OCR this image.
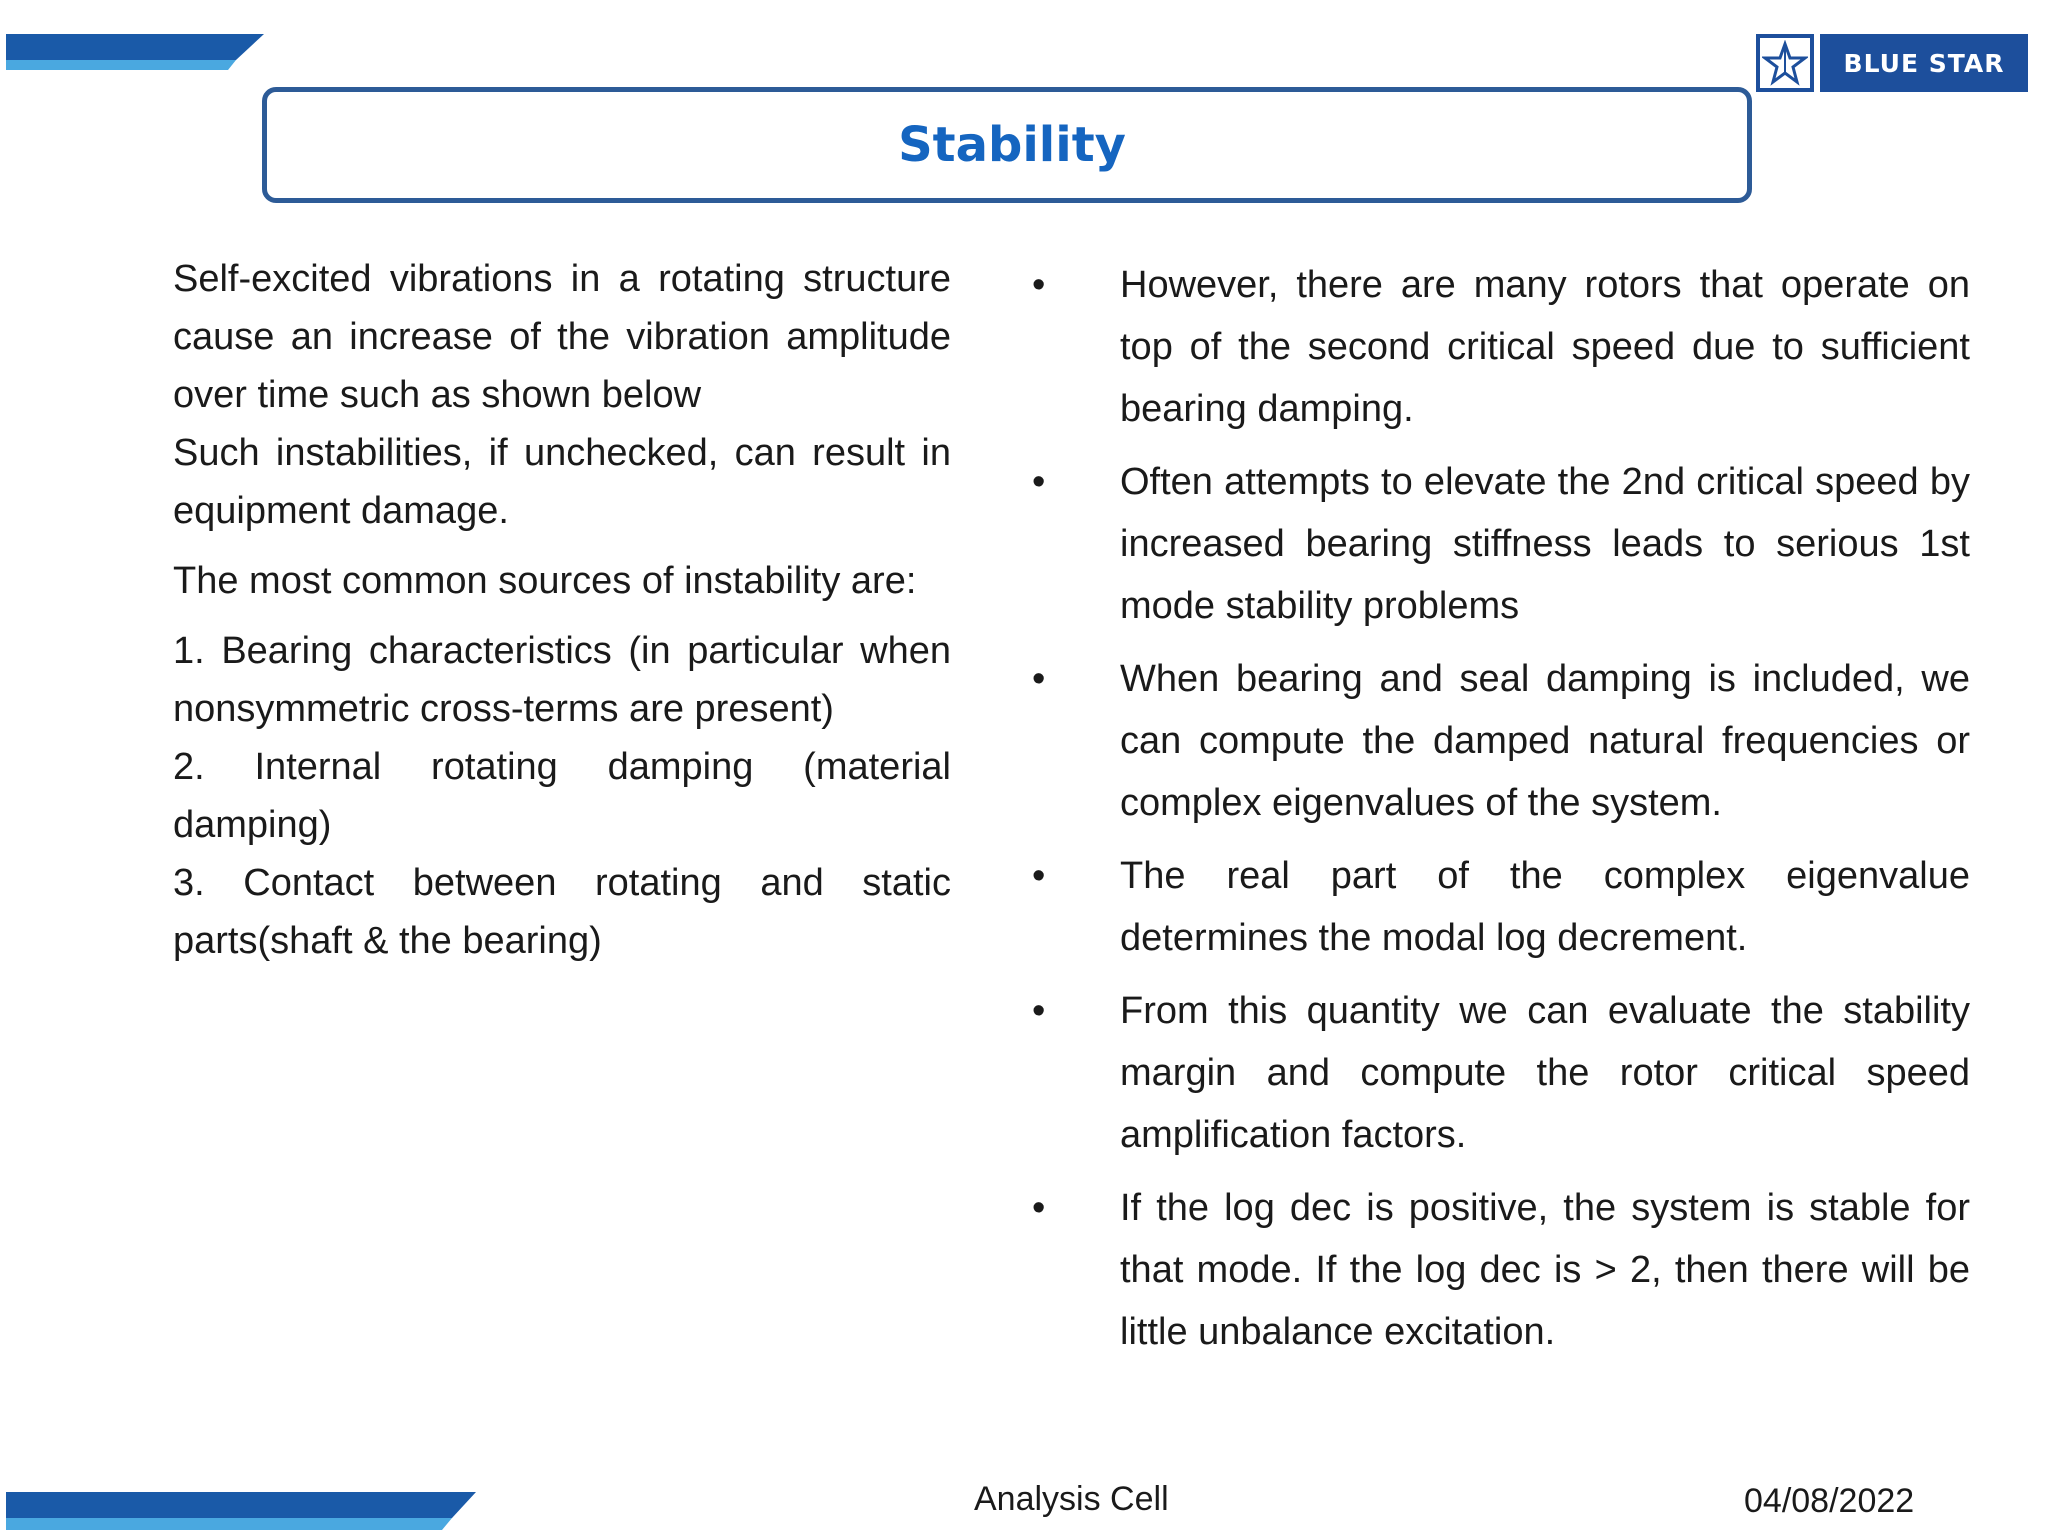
BLUE STAR
Stability

Self-excited vibrations in a rotating structure cause an increase of the vibration amplitude over time such as shown below

Such instabilities, if unchecked, can result in equipment damage.

The most common sources of instability are:

1. Bearing characteristics (in particular when nonsymmetric cross-terms are present)

2. Internal rotating damping (material damping)

3. Contact between rotating and static parts(shaft & the bearing)

• However, there are many rotors that operate on top of the second critical speed due to sufficient bearing damping.
• Often attempts to elevate the 2nd critical speed by increased bearing stiffness leads to serious 1st mode stability problems
• When bearing and seal damping is included, we can compute the damped natural frequencies or complex eigenvalues of the system.
• The real part of the complex eigenvalue determines the modal log decrement.
• From this quantity we can evaluate the stability margin and compute the rotor critical speed amplification factors.
• If the log dec is positive, the system is stable for that mode. If the log dec is > 2, then there will be little unbalance excitation.
Analysis Cell	04/08/2022
